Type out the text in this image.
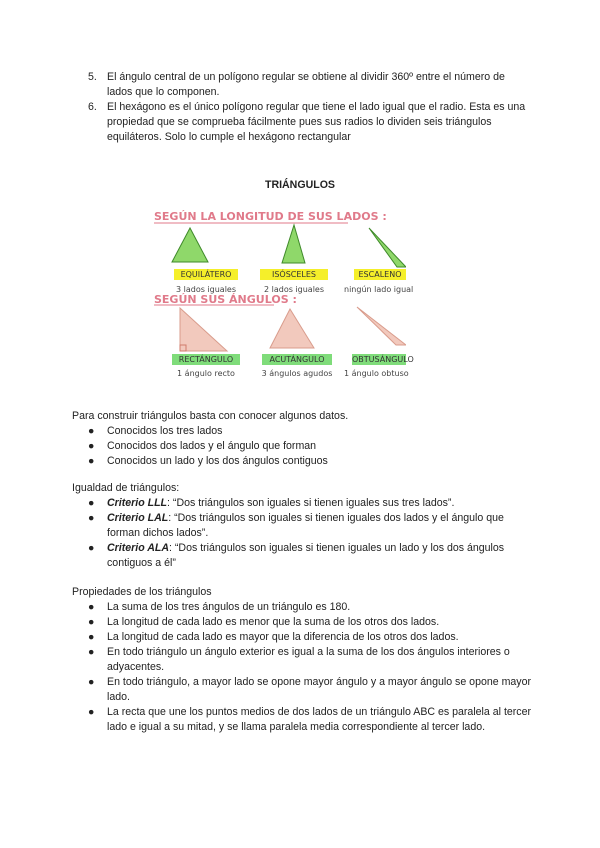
5. El ángulo central de un polígono regular se obtiene al dividir 360º entre el número de lados que lo componen.
6. El hexágono es el único polígono regular que tiene el lado igual que el radio. Esta es una propiedad que se comprueba fácilmente pues sus radios lo dividen seis triángulos equiláteros. Solo lo cumple el hexágono rectangular
TRIÁNGULOS
SEGÚN LA LONGITUD DE SUS LADOS :
EQUILÁTERO
3 lados iguales
ISÓSCELES
2 lados iguales
ESCALENO
ningún lado igual
SEGÚN SUS ÁNGULOS :
RECTÁNGULO
1 ángulo recto
ACUTÁNGULO
3 ángulos agudos
OBTUSÁNGULO
1 ángulo obtuso
Para construir triángulos basta con conocer algunos datos.
● Conocidos los tres lados
● Conocidos dos lados y el ángulo que forman
● Conocidos un lado y los dos ángulos contiguos
Igualdad de triángulos:
● Criterio LLL: “Dos triángulos son iguales si tienen iguales sus tres lados”.
● Criterio LAL: “Dos triángulos son iguales si tienen iguales dos lados y el ángulo que forman dichos lados”.
● Criterio ALA: “Dos triángulos son iguales si tienen iguales un lado y los dos ángulos contiguos a él”
Propiedades de los triángulos
● La suma de los tres ángulos de un triángulo es 180.
● La longitud de cada lado es menor que la suma de los otros dos lados.
● La longitud de cada lado es mayor que la diferencia de los otros dos lados.
● En todo triángulo un ángulo exterior es igual a la suma de los dos ángulos interiores o adyacentes.
● En todo triángulo, a mayor lado se opone mayor ángulo y a mayor ángulo se opone mayor lado.
● La recta que une los puntos medios de dos lados de un triángulo ABC es paralela al tercer lado e igual a su mitad, y se llama paralela media correspondiente al tercer lado.
